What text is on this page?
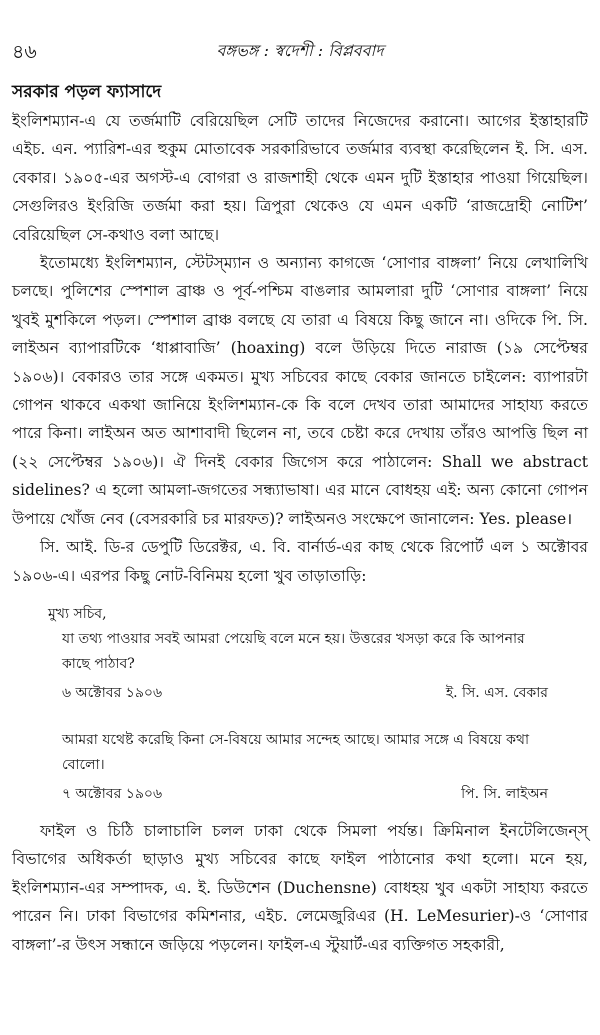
৪৬	বঙ্গভঙ্গ : স্বদেশী : বিপ্লববাদ
সরকার পড়ল ফ্যাসাদে

ইংলিশম্যান-এ যে তর্জমাটি বেরিয়েছিল সেটি তাদের নিজেদের করানো। আগের ইস্তাহারটি এইচ. এন. প্যারিশ-এর হুকুম মোতাবেক সরকারিভাবে তর্জমার ব্যবস্থা করেছিলেন ই. সি. এস. বেকার। ১৯০৫-এর অগস্ট-এ বোগরা ও রাজশাহী থেকে এমন দুটি ইস্তাহার পাওয়া গিয়েছিল। সেগুলিরও ইংরিজি তর্জমা করা হয়। ত্রিপুরা থেকেও যে এমন একটি ‘রাজদ্রোহী নোটিশ’ বেরিয়েছিল সে-কথাও বলা আছে।

ইতোমধ্যে ইংলিশম্যান, স্টেটস্‌ম্যান ও অন্যান্য কাগজে ‘সোণার বাঙ্গলা’ নিয়ে লেখালিখি চলছে। পুলিশের স্পেশাল ব্রাঞ্চ ও পূর্ব-পশ্চিম বাঙলার আমলারা দুটি ‘সোণার বাঙ্গলা’ নিয়ে খুবই মুশকিলে পড়ল। স্পেশাল ব্রাঞ্চ বলছে যে তারা এ বিষয়ে কিছু জানে না। ওদিকে পি. সি. লাইঅন ব্যাপারটিকে ‘ধাপ্পাবাজি’ (hoaxing) বলে উড়িয়ে দিতে নারাজ (১৯ সেপ্টেম্বর ১৯০৬)। বেকারও তার সঙ্গে একমত। মুখ্য সচিবের কাছে বেকার জানতে চাইলেন: ব্যাপারটা গোপন থাকবে একথা জানিয়ে ইংলিশম্যান-কে কি বলে দেখব তারা আমাদের সাহায্য করতে পারে কিনা। লাইঅন অত আশাবাদী ছিলেন না, তবে চেষ্টা করে দেখায় তাঁরও আপত্তি ছিল না (২২ সেপ্টেম্বর ১৯০৬)। ঐ দিনই বেকার জিগেস করে পাঠালেন: Shall we abstract sidelines? এ হলো আমলা-জগতের সন্ধ্যাভাষা। এর মানে বোধহয় এই: অন্য কোনো গোপন উপায়ে খোঁজ নেব (বেসরকারি চর মারফত)? লাইঅনও সংক্ষেপে জানালেন: Yes. please।

সি. আই. ডি-র ডেপুটি ডিরেক্টর, এ. বি. বার্নার্ড-এর কাছ থেকে রিপোর্ট এল ১ অক্টোবর ১৯০৬-এ। এরপর কিছু নোট-বিনিময় হলো খুব তাড়াতাড়ি:

মুখ্য সচিব,

যা তথ্য পাওয়ার সবই আমরা পেয়েছি বলে মনে হয়। উত্তরের খসড়া করে কি আপনার কাছে পাঠাব?

৬ অক্টোবর ১৯০৬	ই. সি. এস. বেকার

আমরা যথেষ্ট করেছি কিনা সে-বিষয়ে আমার সন্দেহ আছে। আমার সঙ্গে এ বিষয়ে কথা বোলো।

৭ অক্টোবর ১৯০৬	পি. সি. লাইঅন

ফাইল ও চিঠি চালাচালি চলল ঢাকা থেকে সিমলা পর্যন্ত। ক্রিমিনাল ইনটেলিজেন্স্‌ বিভাগের অধিকর্তা ছাড়াও মুখ্য সচিবের কাছে ফাইল পাঠানোর কথা হলো। মনে হয়, ইংলিশম্যান-এর সম্পাদক, এ. ই. ডিউশেন (Duchensne) বোধহয় খুব একটা সাহায্য করতে পারেন নি। ঢাকা বিভাগের কমিশনার, এইচ. লেমেজুরিএর (H. LeMesurier)-ও ‘সোণার বাঙ্গলা’-র উৎস সন্ধানে জড়িয়ে পড়লেন। ফাইল-এ স্টুয়ার্ট-এর ব্যক্তিগত সহকারী,
